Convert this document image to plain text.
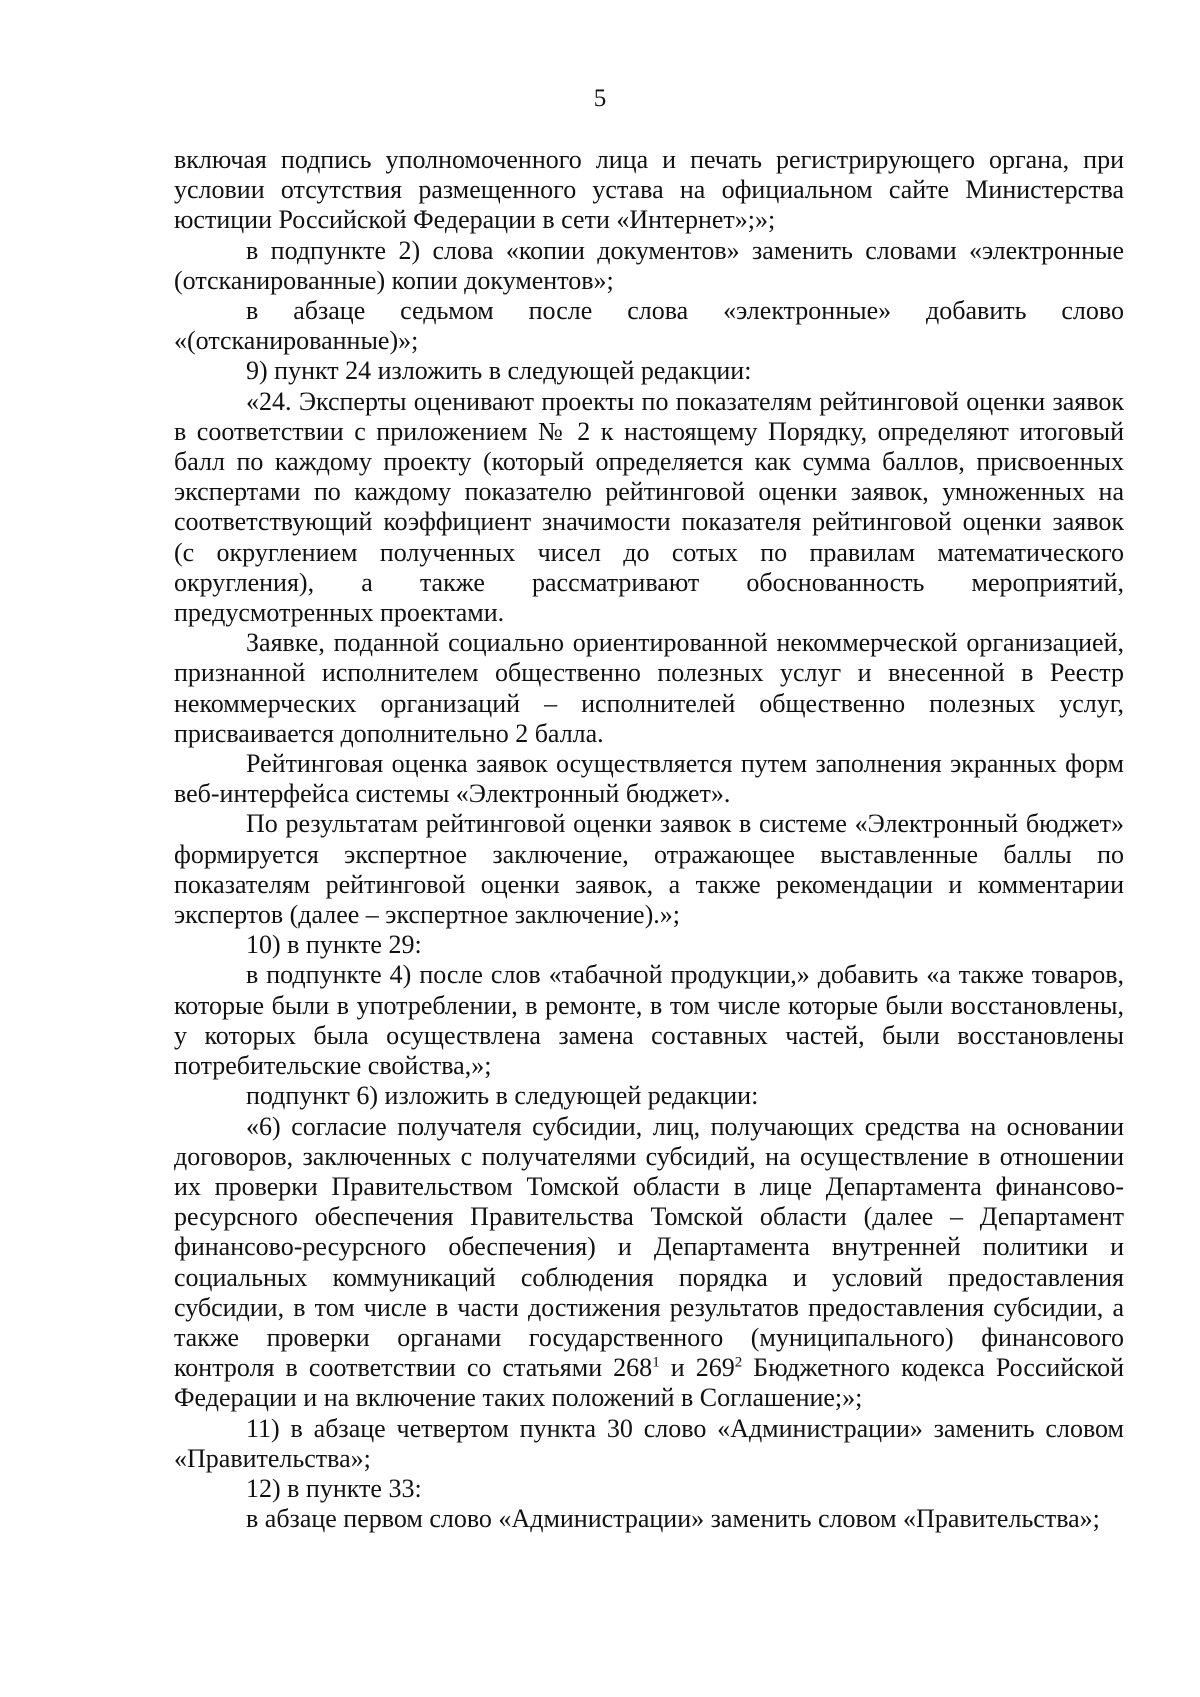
5

включая подпись уполномоченного лица и печать регистрирующего органа, при условии отсутствия размещенного устава на официальном сайте Министерства юстиции Российской Федерации в сети «Интернет»;»;

в подпункте 2) слова «копии документов» заменить словами «электронные (отсканированные) копии документов»;

в абзаце седьмом после слова «электронные» добавить слово «(отсканированные)»;

9) пункт 24 изложить в следующей редакции:

«24. Эксперты оценивают проекты по показателям рейтинговой оценки заявок в соответствии с приложением № 2 к настоящему Порядку, определяют итоговый балл по каждому проекту (который определяется как сумма баллов, присвоенных экспертами по каждому показателю рейтинговой оценки заявок, умноженных на соответствующий коэффициент значимости показателя рейтинговой оценки заявок (с округлением полученных чисел до сотых по правилам математического округления), а также рассматривают обоснованность мероприятий, предусмотренных проектами.

Заявке, поданной социально ориентированной некоммерческой организацией, признанной исполнителем общественно полезных услуг и внесенной в Реестр некоммерческих организаций – исполнителей общественно полезных услуг, присваивается дополнительно 2 балла.

Рейтинговая оценка заявок осуществляется путем заполнения экранных форм веб-интерфейса системы «Электронный бюджет».

По результатам рейтинговой оценки заявок в системе «Электронный бюджет» формируется экспертное заключение, отражающее выставленные баллы по показателям рейтинговой оценки заявок, а также рекомендации и комментарии экспертов (далее – экспертное заключение).»;

10) в пункте 29:

в подпункте 4) после слов «табачной продукции,» добавить «а также товаров, которые были в употреблении, в ремонте, в том числе которые были восстановлены, у которых была осуществлена замена составных частей, были восстановлены потребительские свойства,»;

подпункт 6) изложить в следующей редакции:

«6) согласие получателя субсидии, лиц, получающих средства на основании договоров, заключенных с получателями субсидий, на осуществление в отношении их проверки Правительством Томской области в лице Департамента финансово-ресурсного обеспечения Правительства Томской области (далее – Департамент финансово-ресурсного обеспечения) и Департамента внутренней политики и социальных коммуникаций соблюдения порядка и условий предоставления субсидии, в том числе в части достижения результатов предоставления субсидии, а также проверки органами государственного (муниципального) финансового контроля в соответствии со статьями $268^1$ и $269^2$ Бюджетного кодекса Российской Федерации и на включение таких положений в Соглашение;»;

11) в абзаце четвертом пункта 30 слово «Администрации» заменить словом «Правительства»;

12) в пункте 33:

в абзаце первом слово «Администрации» заменить словом «Правительства»;
